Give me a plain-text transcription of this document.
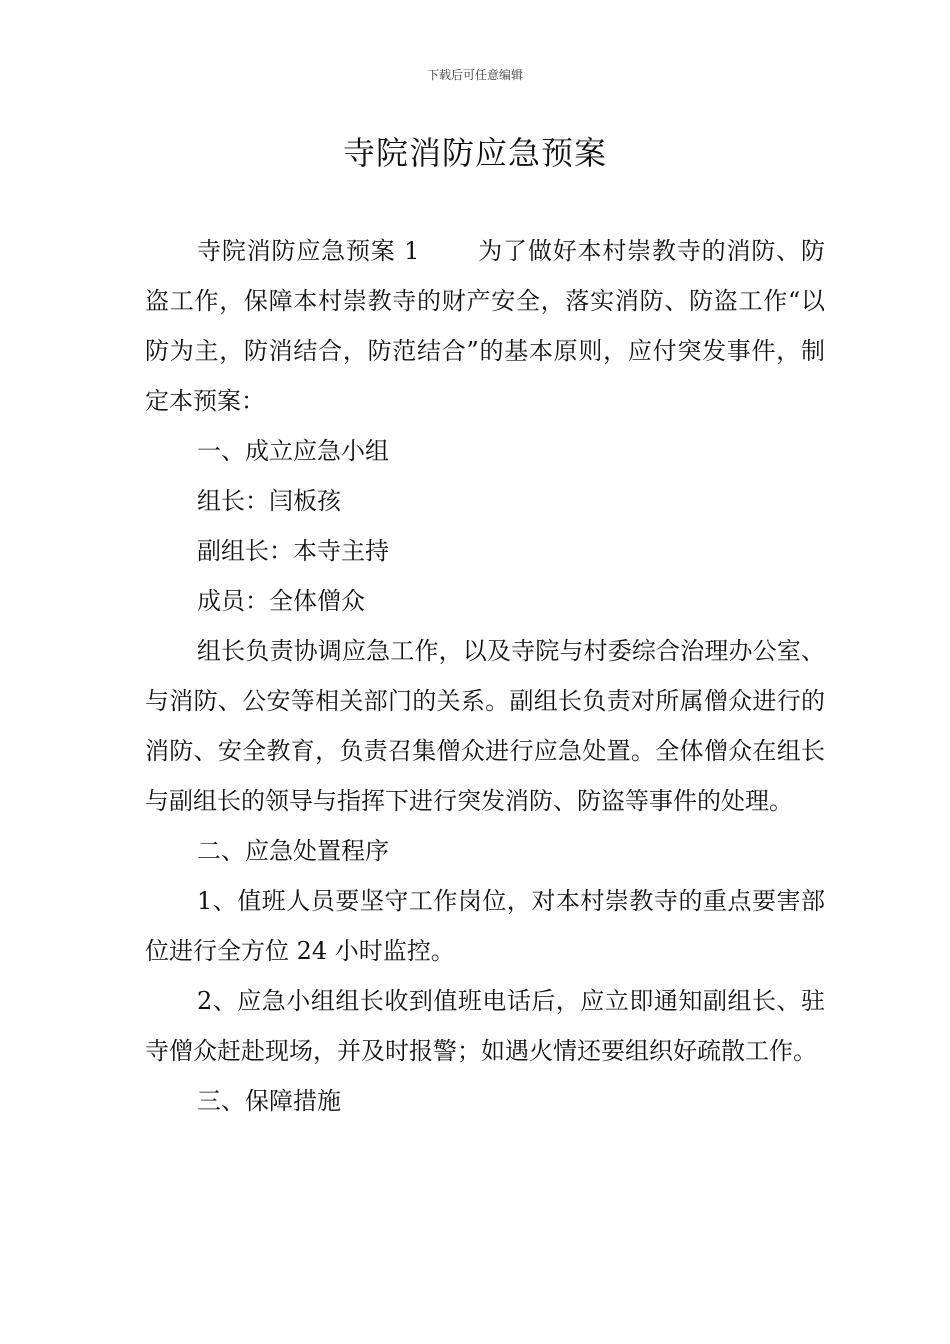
下载后可任意编辑
寺院消防应急预案

寺院消防应急预案 1 为了做好本村崇教寺的消防、防盗工作，保障本村崇教寺的财产安全，落实消防、防盗工作“以防为主，防消结合，防范结合”的基本原则，应付突发事件，制定本预案：

一、成立应急小组

组长：闫板孩

副组长：本寺主持

成员：全体僧众

组长负责协调应急工作，以及寺院与村委综合治理办公室、与消防、公安等相关部门的关系。副组长负责对所属僧众进行的消防、安全教育，负责召集僧众进行应急处置。全体僧众在组长与副组长的领导与指挥下进行突发消防、防盗等事件的处理。

二、应急处置程序

1、值班人员要坚守工作岗位，对本村崇教寺的重点要害部位进行全方位 24 小时监控。

2、应急小组组长收到值班电话后，应立即通知副组长、驻寺僧众赶赴现场，并及时报警；如遇火情还要组织好疏散工作。

三、保障措施
